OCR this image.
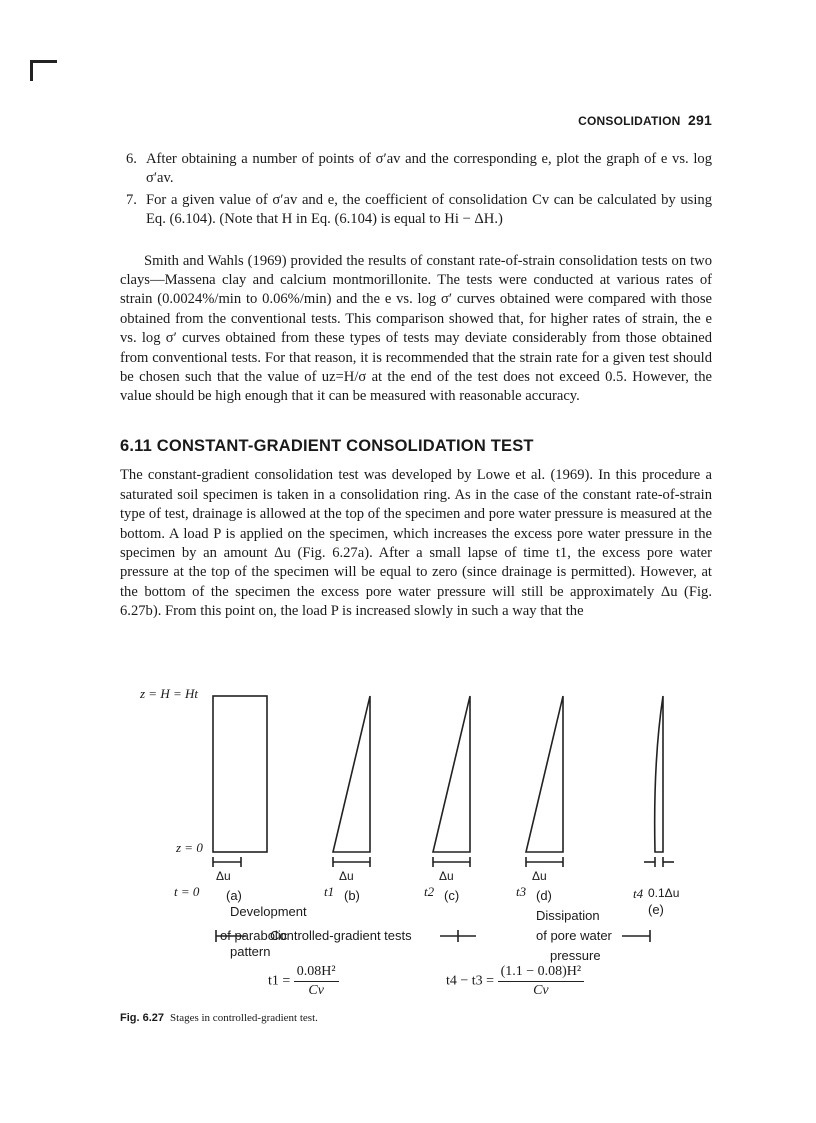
CONSOLIDATION 291
6. After obtaining a number of points of σ′av and the corresponding e, plot the graph of e vs. log σ′av.
7. For a given value of σ′av and e, the coefficient of consolidation Cv can be calculated by using Eq. (6.104). (Note that H in Eq. (6.104) is equal to Hi − ΔH.)

Smith and Wahls (1969) provided the results of constant rate-of-strain consolidation tests on two clays—Massena clay and calcium montmorillonite. The tests were conducted at various rates of strain (0.0024%/min to 0.06%/min) and the e vs. log σ′ curves obtained were compared with those obtained from the conventional tests. This comparison showed that, for higher rates of strain, the e vs. log σ′ curves obtained from these types of tests may deviate considerably from those obtained from conventional tests. For that reason, it is recommended that the strain rate for a given test should be chosen such that the value of uz=H/σ at the end of the test does not exceed 0.5. However, the value should be high enough that it can be measured with reasonable accuracy.

6.11 CONSTANT-GRADIENT CONSOLIDATION TEST

The constant-gradient consolidation test was developed by Lowe et al. (1969). In this procedure a saturated soil specimen is taken in a consolidation ring. As in the case of the constant rate-of-strain type of test, drainage is allowed at the top of the specimen and pore water pressure is measured at the bottom. A load P is applied on the specimen, which increases the excess pore water pressure in the specimen by an amount Δu (Fig. 6.27a). After a small lapse of time t1, the excess pore water pressure at the top of the specimen will be equal to zero (since drainage is permitted). However, at the bottom of the specimen the excess pore water pressure will still be approximately Δu (Fig. 6.27b). From this point on, the load P is increased slowly in such a way that the

z = H = Ht
z = 0
Δu	Δu	Δu	Δu
0.1Δu
t = 0 (a)	t1 (b)	t2 (c)	t3 (d)	t4
(e)
Development
of parabolic
pattern
Controlled-gradient tests
Dissipation
of pore water
pressure
$t1 = \frac{\text{0.08H²}}{Cv}$	$t4 - t3 = \frac{\text{(1.1 − 0.08)H²}}{Cv}$
Fig. 6.27 Stages in controlled-gradient test.
